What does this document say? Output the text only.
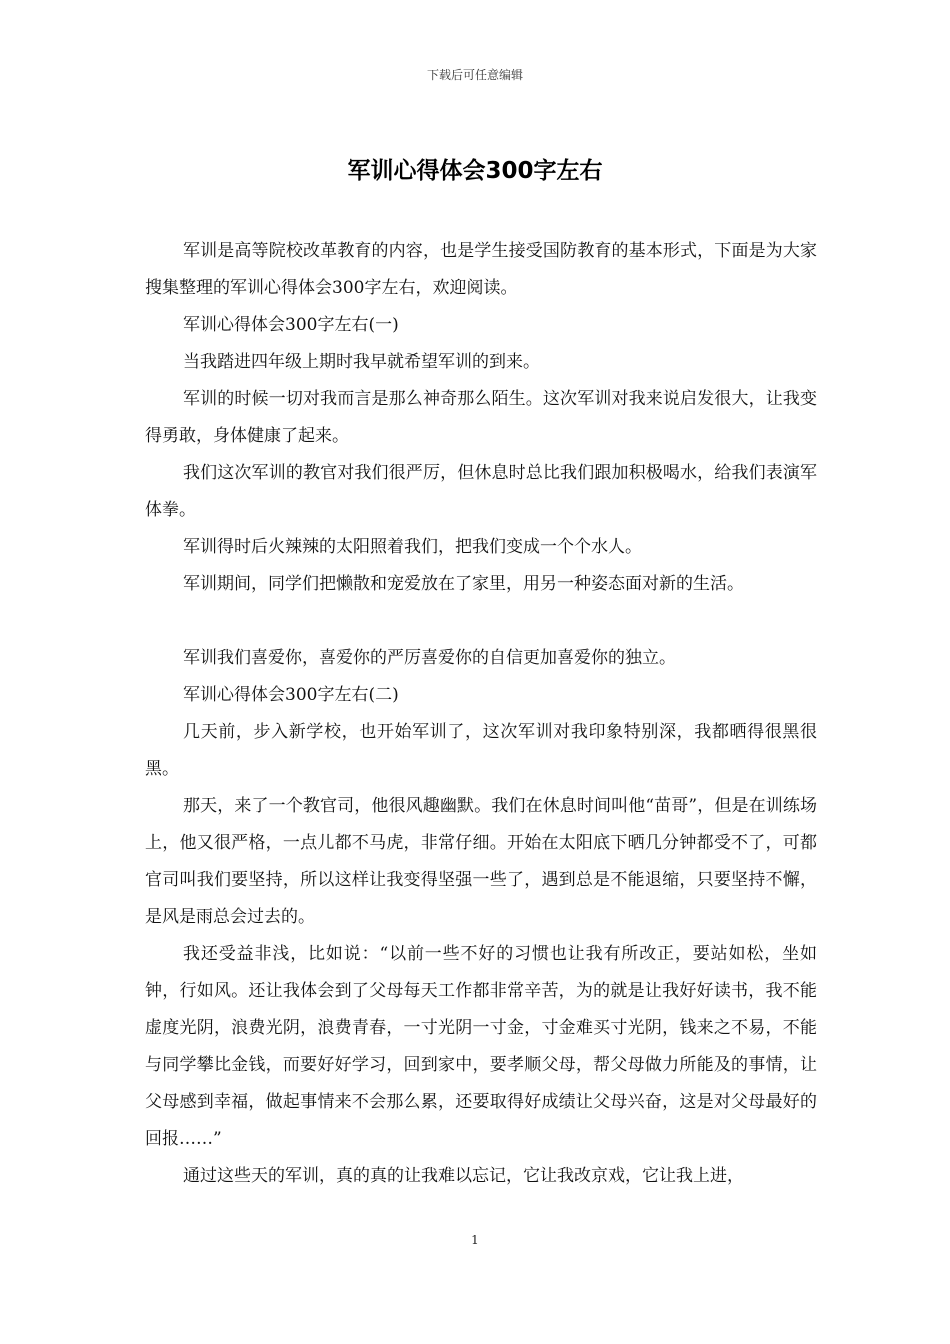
下载后可任意编辑
军训心得体会300字左右

军训是高等院校改革教育的内容，也是学生接受国防教育的基本形式，下面是为大家搜集整理的军训心得体会300字左右，欢迎阅读。

军训心得体会300字左右(一)

当我踏进四年级上期时我早就希望军训的到来。

军训的时候一切对我而言是那么神奇那么陌生。这次军训对我来说启发很大，让我变得勇敢，身体健康了起来。

我们这次军训的教官对我们很严厉，但休息时总比我们跟加积极喝水，给我们表演军体拳。

军训得时后火辣辣的太阳照着我们，把我们变成一个个水人。

军训期间，同学们把懒散和宠爱放在了家里，用另一种姿态面对新的生活。

军训我们喜爱你，喜爱你的严厉喜爱你的自信更加喜爱你的独立。

军训心得体会300字左右(二)

几天前，步入新学校，也开始军训了，这次军训对我印象特别深，我都晒得很黑很黑。

那天，来了一个教官司，他很风趣幽默。我们在休息时间叫他“苗哥”，但是在训练场上，他又很严格，一点儿都不马虎，非常仔细。开始在太阳底下晒几分钟都受不了，可都官司叫我们要坚持，所以这样让我变得坚强一些了，遇到总是不能退缩，只要坚持不懈，是风是雨总会过去的。

我还受益非浅，比如说：“以前一些不好的习惯也让我有所改正，要站如松，坐如钟，行如风。还让我体会到了父母每天工作都非常辛苦，为的就是让我好好读书，我不能虚度光阴，浪费光阴，浪费青春，一寸光阴一寸金，寸金难买寸光阴，钱来之不易，不能与同学攀比金钱，而要好好学习，回到家中，要孝顺父母，帮父母做力所能及的事情，让父母感到幸福，做起事情来不会那么累，还要取得好成绩让父母兴奋，这是对父母最好的回报……”

通过这些天的军训，真的真的让我难以忘记，它让我改京戏，它让我上进，

1
